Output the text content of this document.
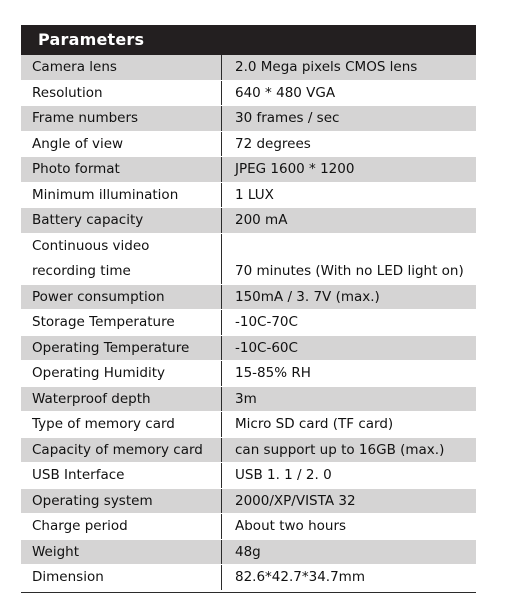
Parameters
Camera lens	2.0 Mega pixels CMOS lens
Resolution	640 * 480 VGA
Frame numbers	30 frames / sec
Angle of view	72 degrees
Photo format	JPEG 1600 * 1200
Minimum illumination	1 LUX
Battery capacity	200 mA
Continuous video
recording time	70 minutes (With no LED light on)
Power consumption	150mA / 3. 7V (max.)
Storage Temperature	-10C-70C
Operating Temperature	-10C-60C
Operating Humidity	15-85% RH
Waterproof depth	3m
Type of memory card	Micro SD card (TF card)
Capacity of memory card	can support up to 16GB (max.)
USB Interface	USB 1. 1 / 2. 0
Operating system	2000/XP/VISTA 32
Charge period	About two hours
Weight	48g
Dimension	82.6*42.7*34.7mm
